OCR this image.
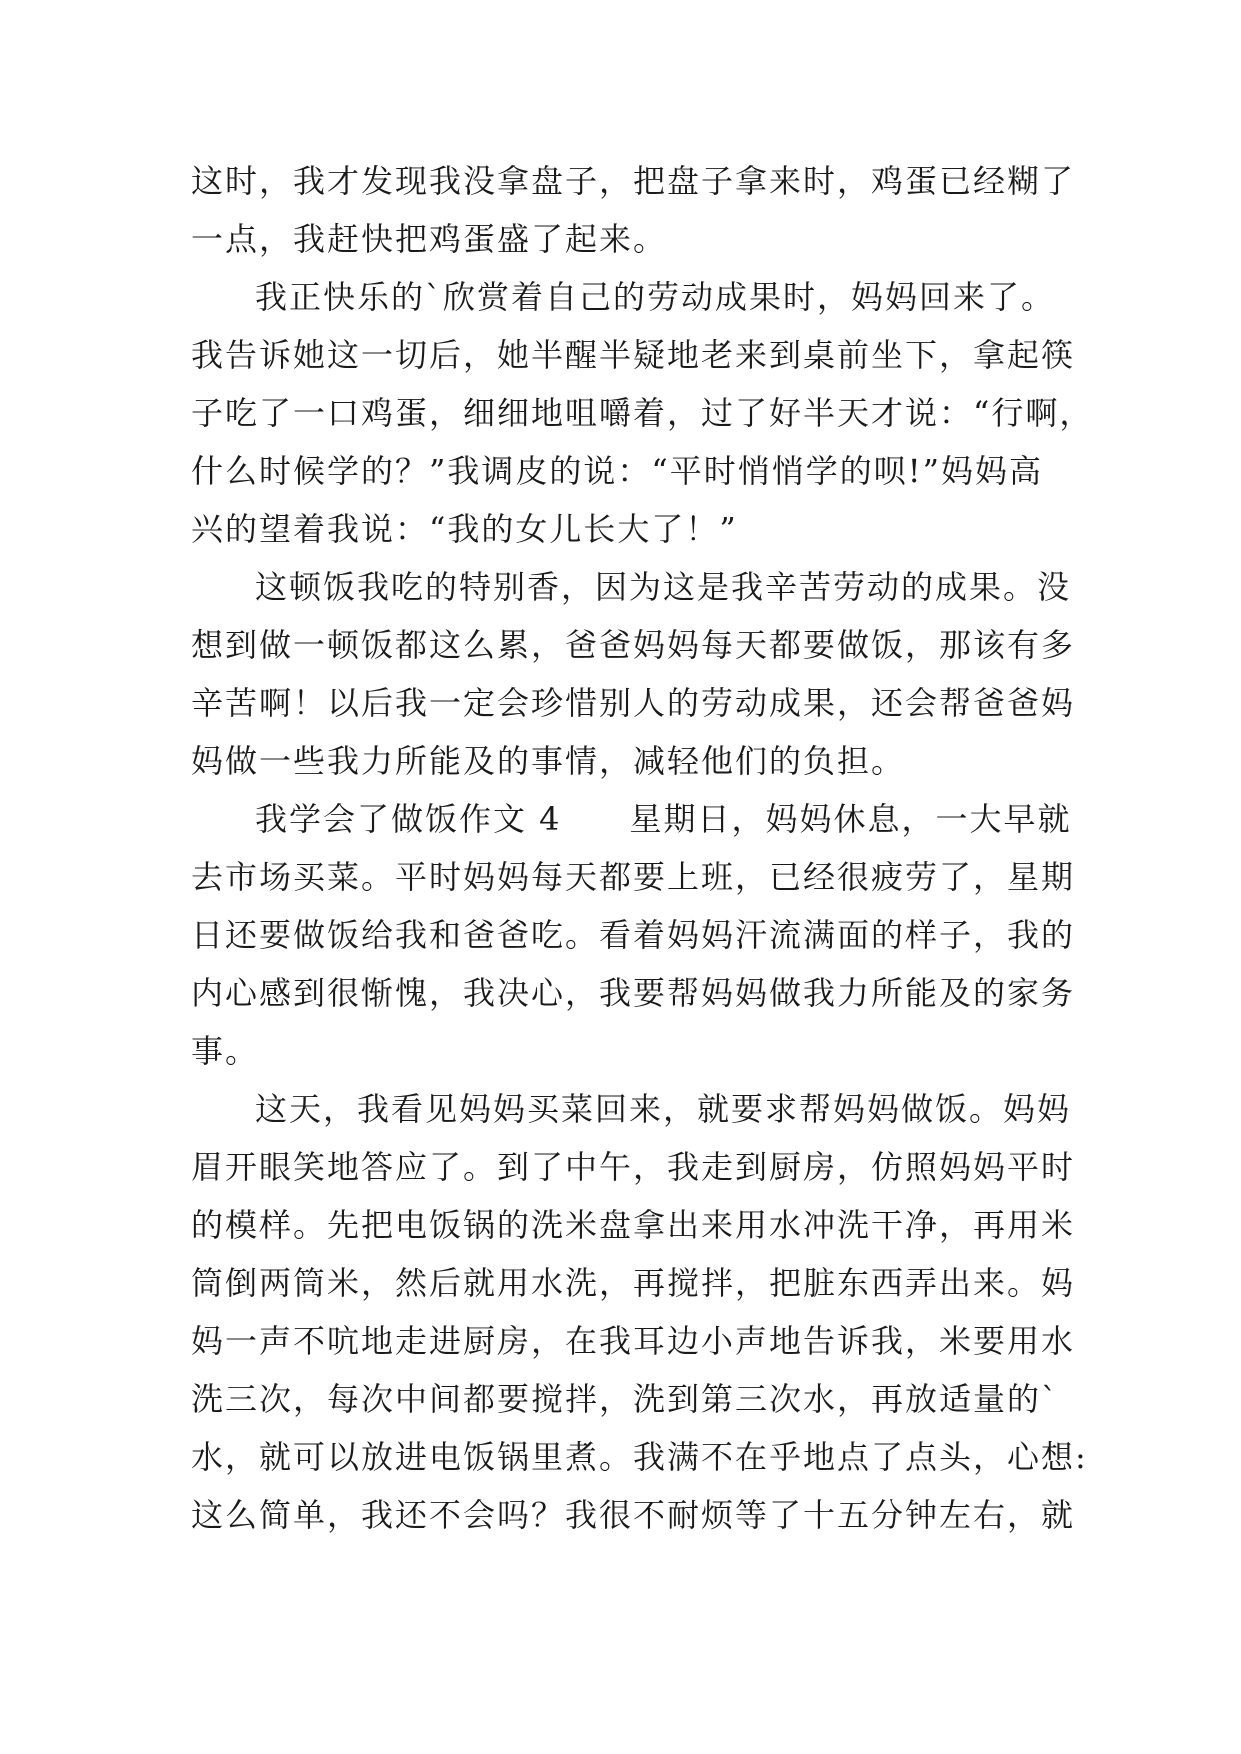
这时，我才发现我没拿盘子，把盘子拿来时，鸡蛋已经糊了
一点，我赶快把鸡蛋盛了起来。
我正快乐的`欣赏着自己的劳动成果时，妈妈回来了。
我告诉她这一切后，她半醒半疑地老来到桌前坐下，拿起筷
子吃了一口鸡蛋，细细地咀嚼着，过了好半天才说：“行啊，
什么时候学的？”我调皮的说：“平时悄悄学的呗!”妈妈高
兴的望着我说：“我的女儿长大了！”
这顿饭我吃的特别香，因为这是我辛苦劳动的成果。没
想到做一顿饭都这么累，爸爸妈妈每天都要做饭，那该有多
辛苦啊！以后我一定会珍惜别人的劳动成果，还会帮爸爸妈
妈做一些我力所能及的事情，减轻他们的负担。
我学会了做饭作文 4　　星期日，妈妈休息，一大早就
去市场买菜。平时妈妈每天都要上班，已经很疲劳了，星期
日还要做饭给我和爸爸吃。看着妈妈汗流满面的样子，我的
内心感到很惭愧，我决心，我要帮妈妈做我力所能及的家务
事。
这天，我看见妈妈买菜回来，就要求帮妈妈做饭。妈妈
眉开眼笑地答应了。到了中午，我走到厨房，仿照妈妈平时
的模样。先把电饭锅的洗米盘拿出来用水冲洗干净，再用米
筒倒两筒米，然后就用水洗，再搅拌，把脏东西弄出来。妈
妈一声不吭地走进厨房，在我耳边小声地告诉我，米要用水
洗三次，每次中间都要搅拌，洗到第三次水，再放适量的`
水，就可以放进电饭锅里煮。我满不在乎地点了点头，心想:
这么简单，我还不会吗？我很不耐烦等了十五分钟左右，就
